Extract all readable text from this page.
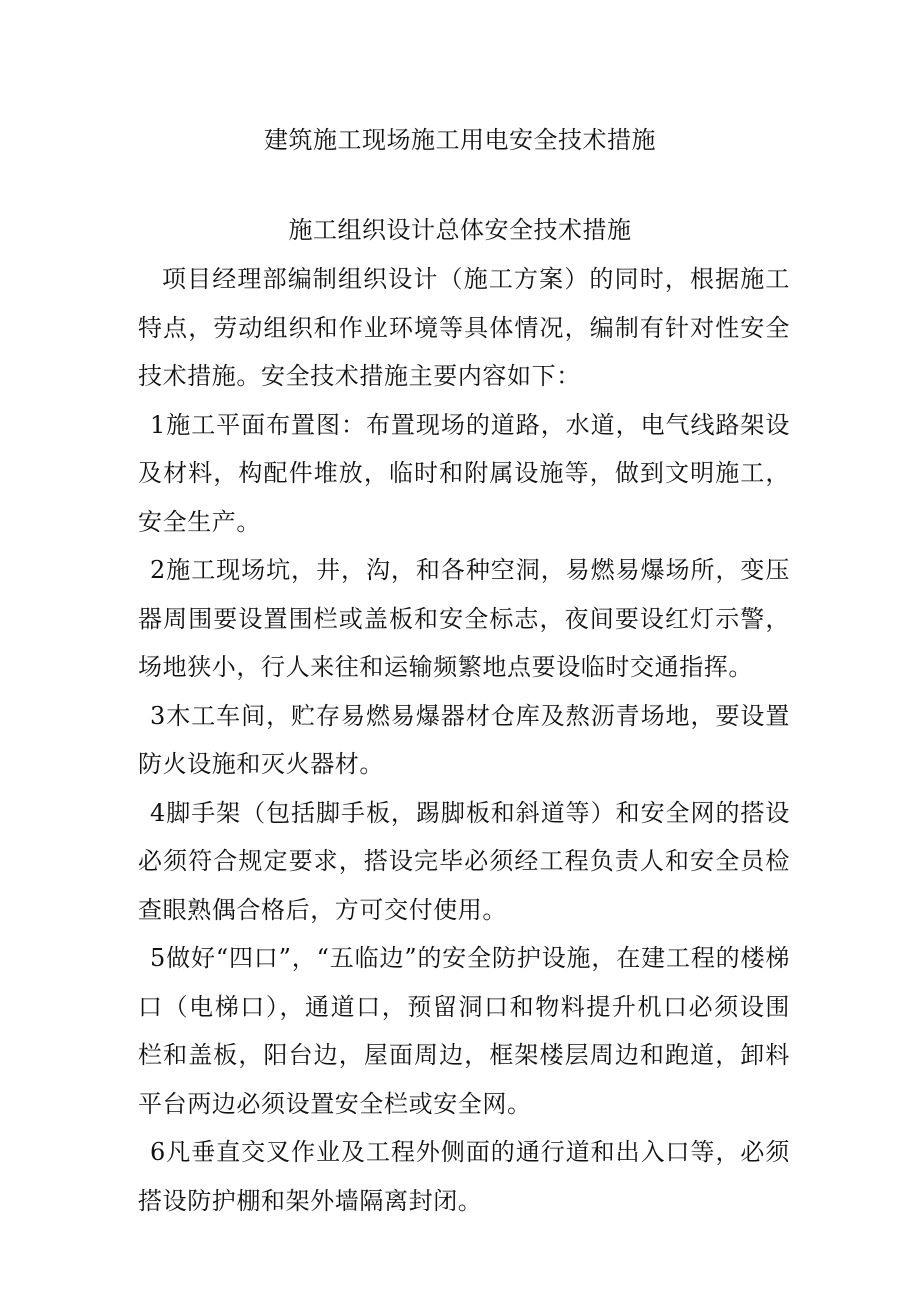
建筑施工现场施工用电安全技术措施
施工组织设计总体安全技术措施

项目经理部编制组织设计（施工方案）的同时，根据施工特点，劳动组织和作业环境等具体情况，编制有针对性安全技术措施。安全技术措施主要内容如下：

1施工平面布置图：布置现场的道路，水道，电气线路架设及材料，构配件堆放，临时和附属设施等，做到文明施工，安全生产。

2施工现场坑，井，沟，和各种空洞，易燃易爆场所，变压器周围要设置围栏或盖板和安全标志，夜间要设红灯示警，场地狭小，行人来往和运输频繁地点要设临时交通指挥。

3木工车间，贮存易燃易爆器材仓库及熬沥青场地，要设置防火设施和灭火器材。

4脚手架（包括脚手板，踢脚板和斜道等）和安全网的搭设必须符合规定要求，搭设完毕必须经工程负责人和安全员检查眼熟偶合格后，方可交付使用。

5做好“四口”，“五临边”的安全防护设施，在建工程的楼梯口（电梯口），通道口，预留洞口和物料提升机口必须设围栏和盖板，阳台边，屋面周边，框架楼层周边和跑道，卸料平台两边必须设置安全栏或安全网。

6凡垂直交叉作业及工程外侧面的通行道和出入口等，必须搭设防护棚和架外墙隔离封闭。
